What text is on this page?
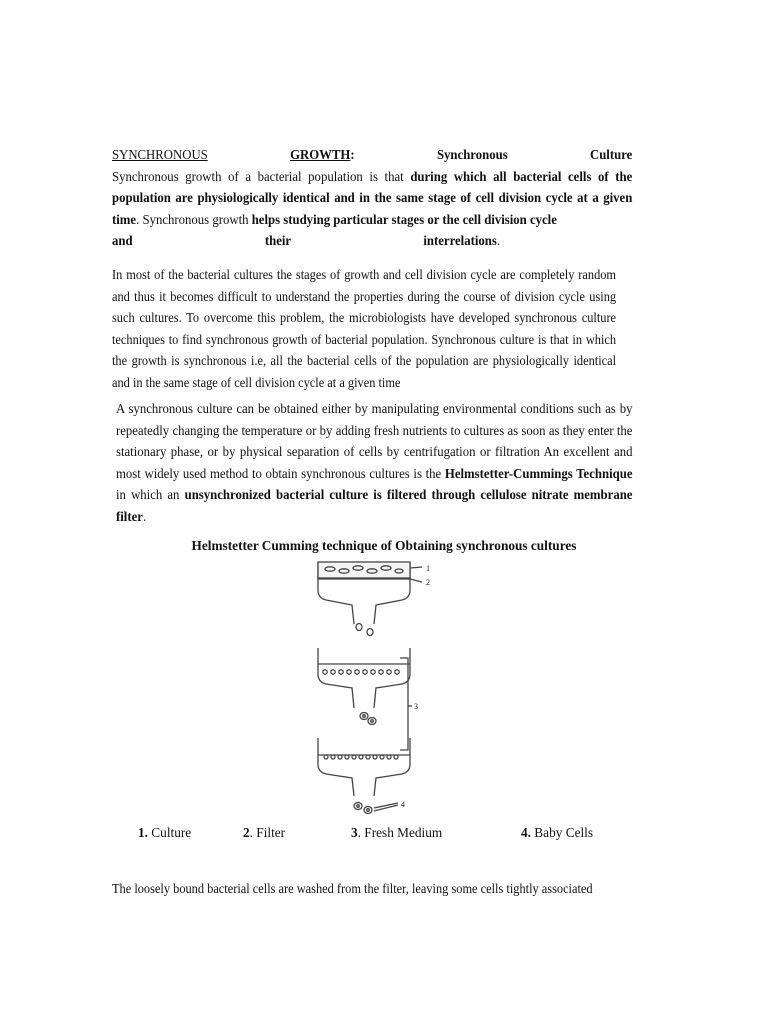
SYNCHRONOUS	GROWTH:	Synchronous	Culture
Synchronous growth of a bacterial population is that during which all bacterial cells of the population are physiologically identical and in the same stage of cell division cycle at a given time. Synchronous growth helps studying particular stages or the cell division cycle
and	their	interrelations.
In most of the bacterial cultures the stages of growth and cell division cycle are completely random and thus it becomes difficult to understand the properties during the course of division cycle using such cultures. To overcome this problem, the microbiologists have developed synchronous culture techniques to find synchronous growth of bacterial population. Synchronous culture is that in which the growth is synchronous i.e, all the bacterial cells of the population are physiologically identical and in the same stage of cell division cycle at a given time
A synchronous culture can be obtained either by manipulating environmental conditions such as by repeatedly changing the temperature or by adding fresh nutrients to cultures as soon as they enter the stationary phase, or by physical separation of cells by centrifugation or filtration An excellent and most widely used method to obtain synchronous cultures is the Helmstetter-Cummings Technique in which an unsynchronized bacterial culture is filtered through cellulose nitrate membrane filter.
Helmstetter Cumming technique of Obtaining synchronous cultures
1
2
3
4
1. Culture	2. Filter	3. Fresh Medium	4. Baby Cells
The loosely bound bacterial cells are washed from the filter, leaving some cells tightly associated
